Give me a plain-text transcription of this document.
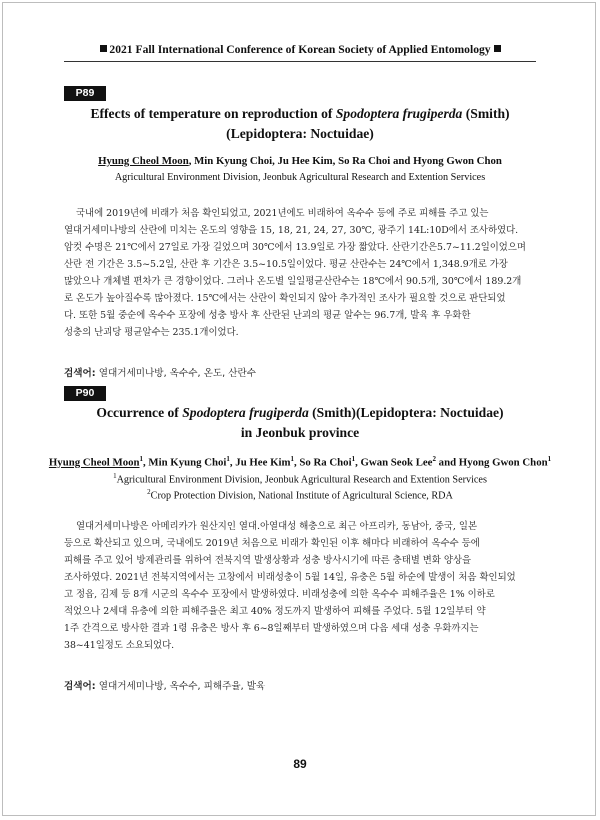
2021 Fall International Conference of Korean Society of Applied Entomology
P89
Effects of temperature on reproduction of Spodoptera frugiperda (Smith)
(Lepidoptera: Noctuidae)
Hyung Cheol Moon, Min Kyung Choi, Ju Hee Kim, So Ra Choi and Hyong Gwon Chon
Agricultural Environment Division, Jeonbuk Agricultural Research and Extention Services
국내에 2019년에 비래가 처음 확인되었고, 2021년에도 비래하여 옥수수 등에 주로 피해를 주고 있는
열대거세미나방의 산란에 미치는 온도의 영향을 15, 18, 21, 24, 27, 30℃, 광주기 14L:10D에서 조사하였다.
암컷 수명은 21℃에서 27일로 가장 길었으며 30℃에서 13.9일로 가장 짧았다. 산란기간은5.7~11.2일이었으며
산란 전 기간은 3.5~5.2일, 산란 후 기간은 3.5~10.5일이었다. 평균 산란수는 24℃에서 1,348.9개로 가장
많았으나 개체별 편차가 큰 경향이었다. 그러나 온도별 일일평균산란수는 18℃에서 90.5개, 30℃에서 189.2개
로 온도가 높아질수록 많아졌다. 15℃에서는 산란이 확인되지 않아 추가적인 조사가 필요할 것으로 판단되었
다. 또한 5월 중순에 옥수수 포장에 성충 방사 후 산란된 난괴의 평균 알수는 96.7개, 발육 후 우화한
성충의 난괴당 평균알수는 235.1개이었다.
검색어: 열대거세미나방, 옥수수, 온도, 산란수
P90
Occurrence of Spodoptera frugiperda (Smith)(Lepidoptera: Noctuidae)
in Jeonbuk province
Hyung Cheol Moon$^1$, Min Kyung Choi$^1$, Ju Hee Kim$^1$, So Ra Choi$^1$, Gwan Seok Lee$^2$ and Hyong Gwon Chon$^1$
$^1$Agricultural Environment Division, Jeonbuk Agricultural Research and Extention Services
$^2$Crop Protection Division, National Institute of Agricultural Science, RDA
열대거세미나방은 아메리카가 원산지인 열대.아열대성 해충으로 최근 아프리카, 동남아, 중국, 일본
등으로 확산되고 있으며, 국내에도 2019년 처음으로 비래가 확인된 이후 해마다 비래하여 옥수수 등에
피해를 주고 있어 방제관리를 위하여 전북지역 발생상황과 성충 방사시기에 따른 충태별 변화 양상을
조사하였다. 2021년 전북지역에서는 고창에서 비래성충이 5월 14일, 유충은 5월 하순에 발생이 처음 확인되었
고 정읍, 김제 등 8개 시군의 옥수수 포장에서 발생하였다. 비래성충에 의한 옥수수 피해주율은 1% 이하로
적었으나 2세대 유충에 의한 피해주율은 최고 40% 정도까지 발생하여 피해를 주었다. 5월 12일부터 약
1주 간격으로 방사한 결과 1령 유충은 방사 후 6~8일째부터 발생하였으며 다음 세대 성충 우화까지는
38~41일정도 소요되었다.
검색어: 열대거세미나방, 옥수수, 피해주율, 발육
89
